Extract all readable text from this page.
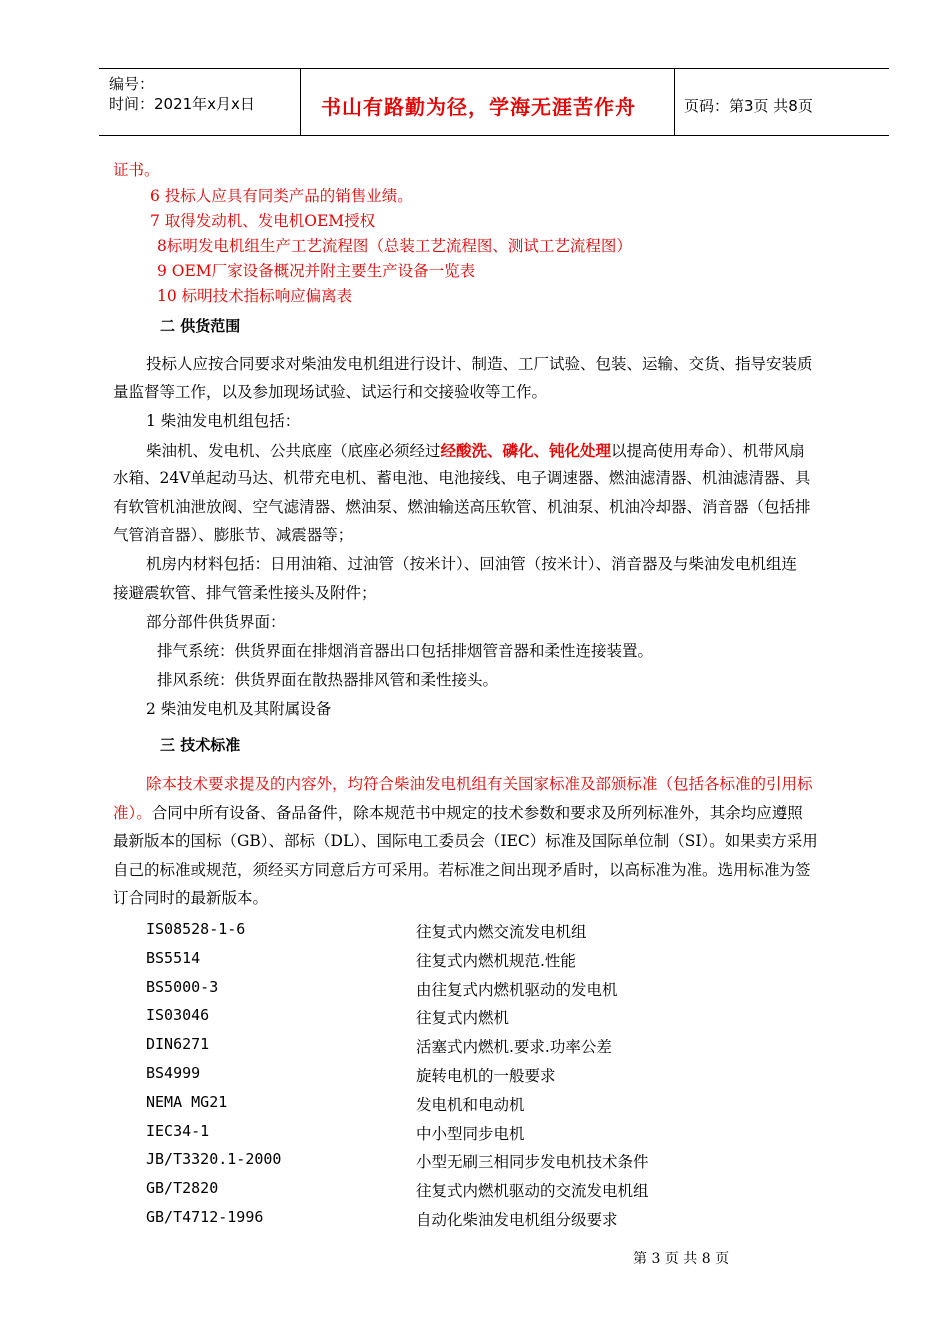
编号：
时间：2021年x月x日	书山有路勤为径，学海无涯苦作舟	页码：第3页 共8页
证书。
6 投标人应具有同类产品的销售业绩。
7 取得发动机、发电机OEM授权
8标明发电机组生产工艺流程图（总装工艺流程图、测试工艺流程图）
9 OEM厂家设备概况并附主要生产设备一览表
10 标明技术指标响应偏离表
二 供货范围
投标人应按合同要求对柴油发电机组进行设计、制造、工厂试验、包装、运输、交货、指导安装质
量监督等工作，以及参加现场试验、试运行和交接验收等工作。
1 柴油发电机组包括：
柴油机、发电机、公共底座（底座必须经过经酸洗、磷化、钝化处理以提高使用寿命）、机带风扇
水箱、24V单起动马达、机带充电机、蓄电池、电池接线、电子调速器、燃油滤清器、机油滤清器、具
有软管机油泄放阀、空气滤清器、燃油泵、燃油输送高压软管、机油泵、机油冷却器、消音器（包括排
气管消音器）、膨胀节、减震器等；
机房内材料包括：日用油箱、过油管（按米计）、回油管（按米计）、消音器及与柴油发电机组连
接避震软管、排气管柔性接头及附件；
部分部件供货界面：
排气系统：供货界面在排烟消音器出口包括排烟管音器和柔性连接装置。
排风系统：供货界面在散热器排风管和柔性接头。
2 柴油发电机及其附属设备
三 技术标准
除本技术要求提及的内容外，均符合柴油发电机组有关国家标准及部颁标准（包括各标准的引用标
准）。合同中所有设备、备品备件，除本规范书中规定的技术参数和要求及所列标准外，其余均应遵照
最新版本的国标（GB）、部标（DL）、国际电工委员会（IEC）标准及国际单位制（SI）。如果卖方采用
自己的标准或规范，须经买方同意后方可采用。若标准之间出现矛盾时，以高标准为准。选用标准为签
订合同时的最新版本。
IS08528-1-6	往复式内燃交流发电机组
BS5514	往复式内燃机规范.性能
BS5000-3	由往复式内燃机驱动的发电机
IS03046	往复式内燃机
DIN6271	活塞式内燃机.要求.功率公差
BS4999	旋转电机的一般要求
NEMA MG21	发电机和电动机
IEC34-1	中小型同步电机
JB/T3320.1-2000	小型无刷三相同步发电机技术条件
GB/T2820	往复式内燃机驱动的交流发电机组
GB/T4712-1996	自动化柴油发电机组分级要求
第 3 页 共 8 页
